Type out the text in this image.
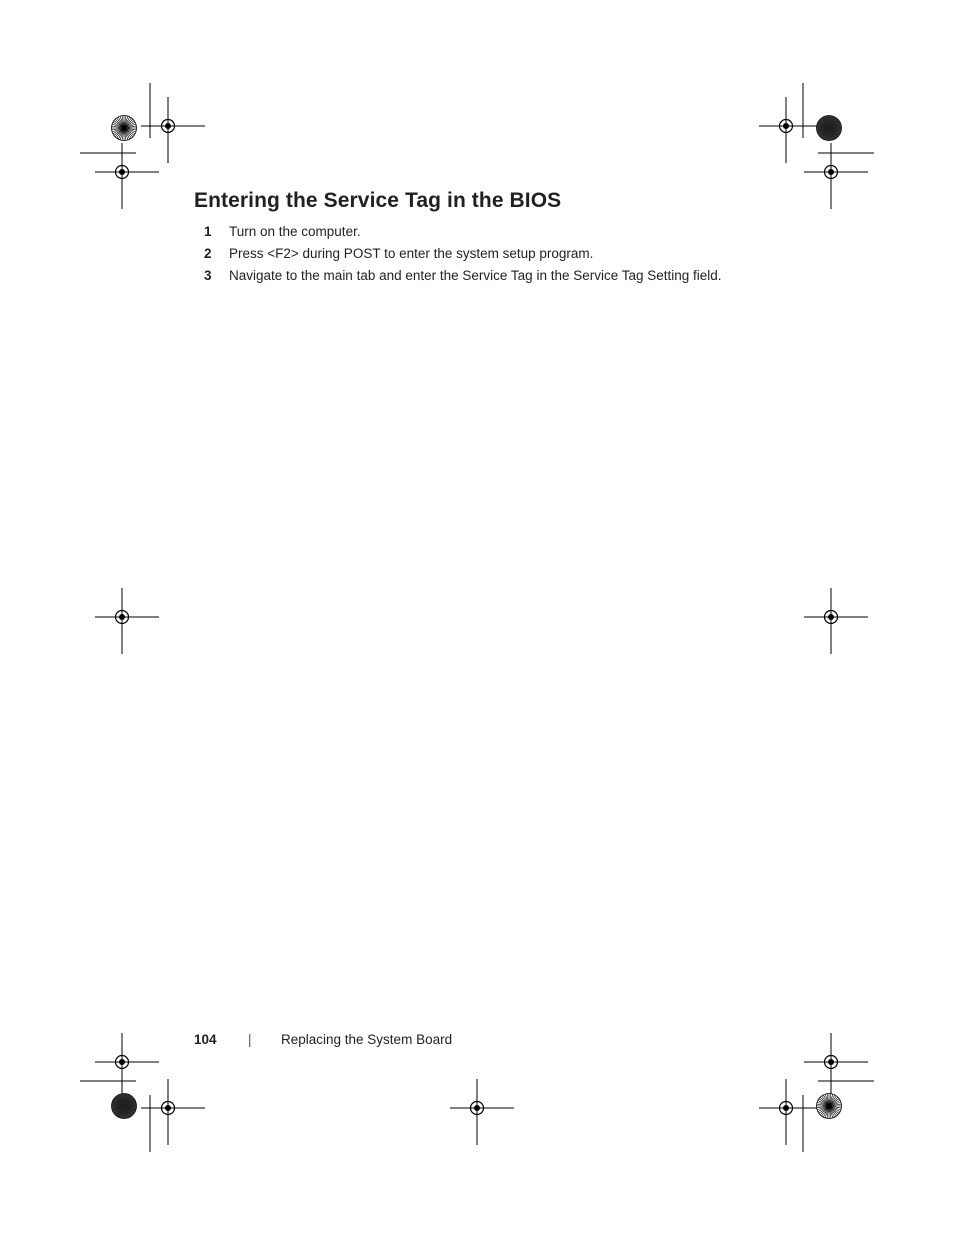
Entering the Service Tag in the BIOS
1	Turn on the computer.
2	Press <F2> during POST to enter the system setup program.
3	Navigate to the main tab and enter the Service Tag in the Service Tag Setting field.
104 | Replacing the System Board
